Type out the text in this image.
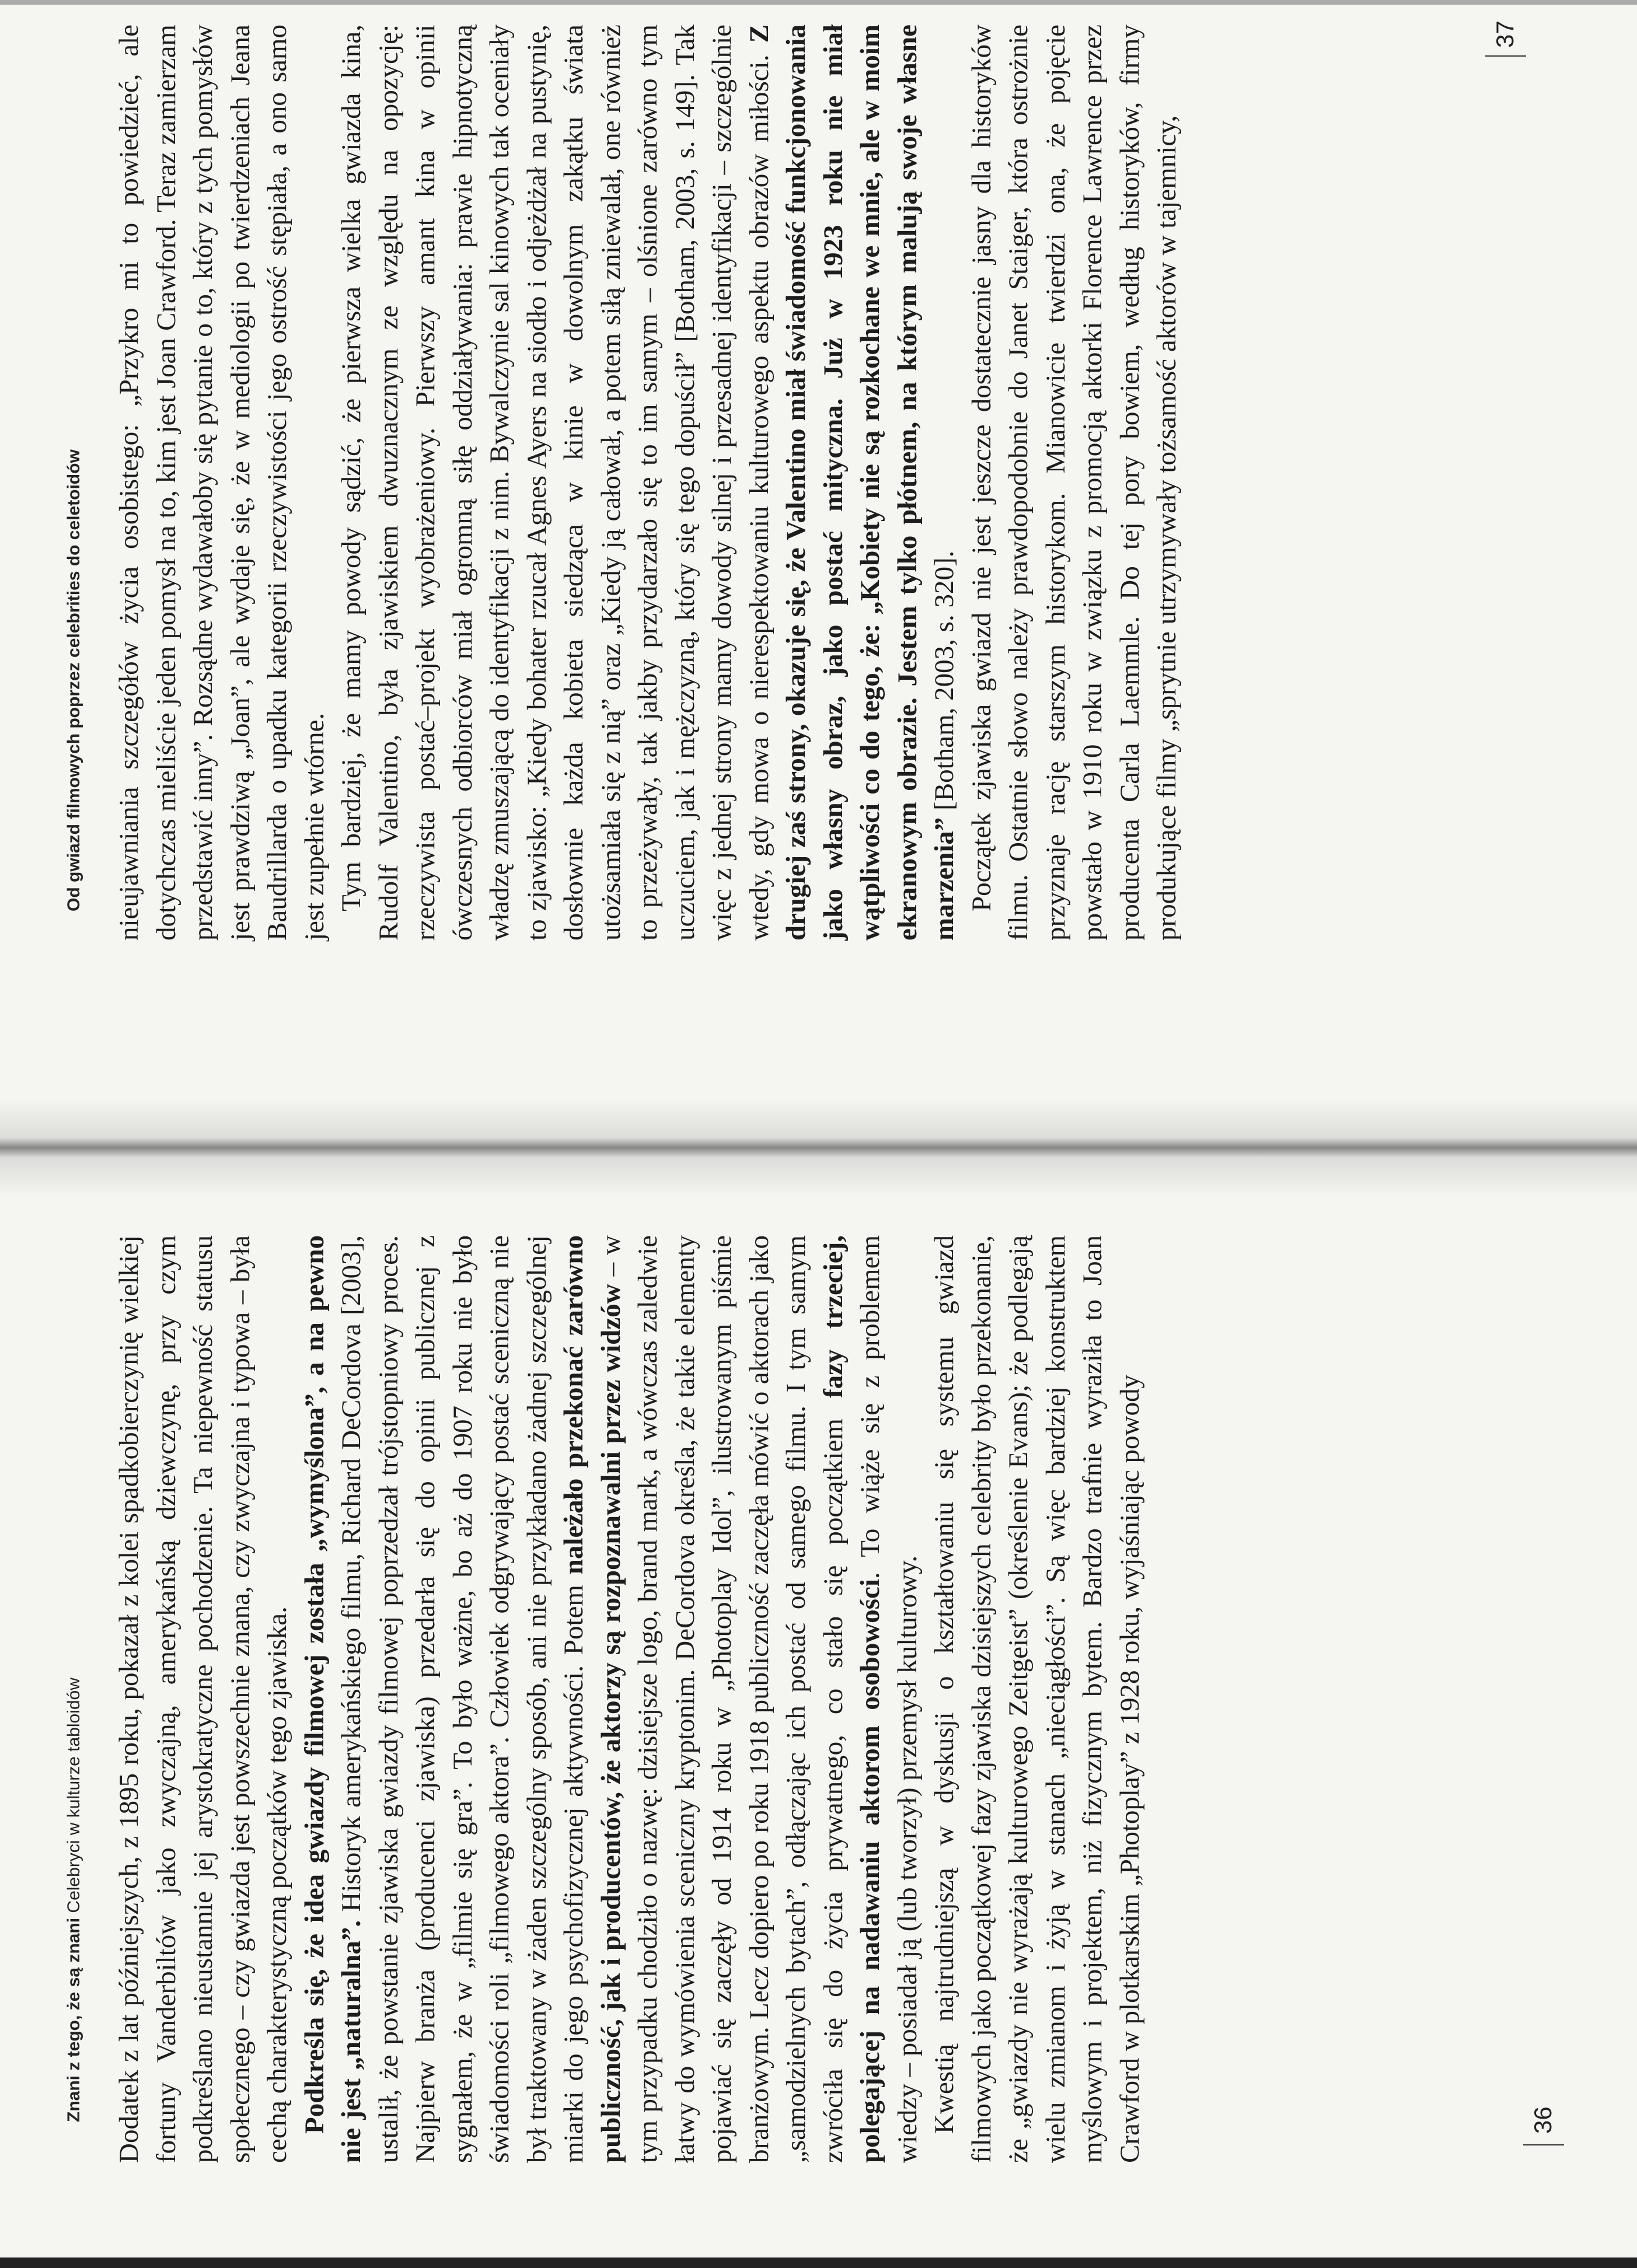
Znani z tego, że są znani Celebryci w kulturze tabloidów Dodatek z lat późniejszych, z 1895 roku, pokazał z kolei spadkobierczynię wielkiej fortuny Vanderbiltów jako zwyczajną, amerykańską dziewczynę, przy czym podkreślano nieustannie jej arystokratyczne pochodzenie. Ta niepewność statusu społecznego – czy gwiazda jest powszechnie znana, czy zwyczajna i typowa – była cechą charakterystyczną początków tego zjawiska. Podkreśla się, że idea gwiazdy filmowej została „wymyślona”, a na pewno nie jest „naturalna”. Historyk amerykańskiego filmu, Richard DeCordova [2003], ustalił, że powstanie zjawiska gwiazdy filmowej poprzedzał trójstopniowy proces. Najpierw branża (producenci zjawiska) przedarła się do opinii publicznej z sygnałem, że w „filmie się gra”. To było ważne, bo aż do 1907 roku nie było świadomości roli „filmowego aktora”. Człowiek odgrywający postać sceniczną nie był traktowany w żaden szczególny sposób, ani nie przykładano żadnej szczególnej miarki do jego psychofizycznej aktywności. Potem należało przekonać zarówno publiczność, jak i producentów, że aktorzy są rozpoznawalni przez widzów – w tym przypadku chodziło o nazwę: dzisiejsze logo, brand mark, a wówczas zaledwie łatwy do wymówienia sceniczny kryptonim. DeCordova określa, że takie elementy pojawiać się zaczęły od 1914 roku w „Photoplay Idol”, ilustrowanym piśmie branżowym. Lecz dopiero po roku 1918 publiczność zaczęła mówić o aktorach jako „samodzielnych bytach”, odłączając ich postać od samego filmu. I tym samym zwróciła się do życia prywatnego, co stało się początkiem fazy trzeciej, polegającej na nadawaniu aktorom osobowości. To wiąże się z problemem wiedzy – posiadał ją (lub tworzył) przemysł kulturowy. Kwestią najtrudniejszą w dyskusji o kształtowaniu się systemu gwiazd filmowych jako początkowej fazy zjawiska dzisiejszych celebrity było przekonanie, że „gwiazdy nie wyrażają kulturowego Zeitgeist” (określenie Evans); że podlegają wielu zmianom i żyją w stanach „nieciągłości”. Są więc bardziej konstruktem myślowym i projektem, niż fizycznym bytem. Bardzo trafnie wyraziła to Joan Crawford w plotkarskim „Photoplay” z 1928 roku, wyjaśniając powody	36
Od gwiazd filmowych poprzez celebrities do celetoidów nieujawniania szczegółów życia osobistego: „Przykro mi to powiedzieć, ale dotychczas mieliście jeden pomysł na to, kim jest Joan Crawford. Teraz zamierzam przedstawić inny”. Rozsądne wydawałoby się pytanie o to, który z tych pomysłów jest prawdziwą „Joan”, ale wydaje się, że w mediologii po twierdzeniach Jeana Baudrillarda o upadku kategorii rzeczywistości jego ostrość stępiała, a ono samo jest zupełnie wtórne. Tym bardziej, że mamy powody sądzić, że pierwsza wielka gwiazda kina, Rudolf Valentino, była zjawiskiem dwuznacznym ze względu na opozycję: rzeczywista postać–projekt wyobrażeniowy. Pierwszy amant kina w opinii ówczesnych odbiorców miał ogromną siłę oddziaływania: prawie hipnotyczną władzę zmuszającą do identyfikacji z nim. Bywalczynie sal kinowych tak oceniały to zjawisko: „Kiedy bohater rzucał Agnes Ayers na siodło i odjeżdżał na pustynię, dosłownie każda kobieta siedząca w kinie w dowolnym zakątku świata utożsamiała się z nią” oraz „Kiedy ją całował, a potem siłą zniewalał, one również to przeżywały, tak jakby przydarzało się to im samym – olśnione zarówno tym uczuciem, jak i mężczyzną, który się tego dopuścił” [Botham, 2003, s. 149]. Tak więc z jednej strony mamy dowody silnej i przesadnej identyfikacji – szczególnie wtedy, gdy mowa o nierespektowaniu kulturowego aspektu obrazów miłości. Z drugiej zaś strony, okazuje się, że Valentino miał świadomość funkcjonowania jako własny obraz, jako postać mityczna. Już w 1923 roku nie miał wątpliwości co do tego, że: „Kobiety nie są rozkochane we mnie, ale w moim ekranowym obrazie. Jestem tylko płótnem, na którym malują swoje własne marzenia” [Botham, 2003, s. 320]. Początek zjawiska gwiazd nie jest jeszcze dostatecznie jasny dla historyków filmu. Ostatnie słowo należy prawdopodobnie do Janet Staiger, która ostrożnie przyznaje rację starszym historykom. Mianowicie twierdzi ona, że pojęcie powstało w 1910 roku w związku z promocją aktorki Florence Lawrence przez producenta Carla Laemmle. Do tej pory bowiem, według historyków, firmy produkujące filmy „sprytnie utrzymywały tożsamość aktorów w tajemnicy,

37
